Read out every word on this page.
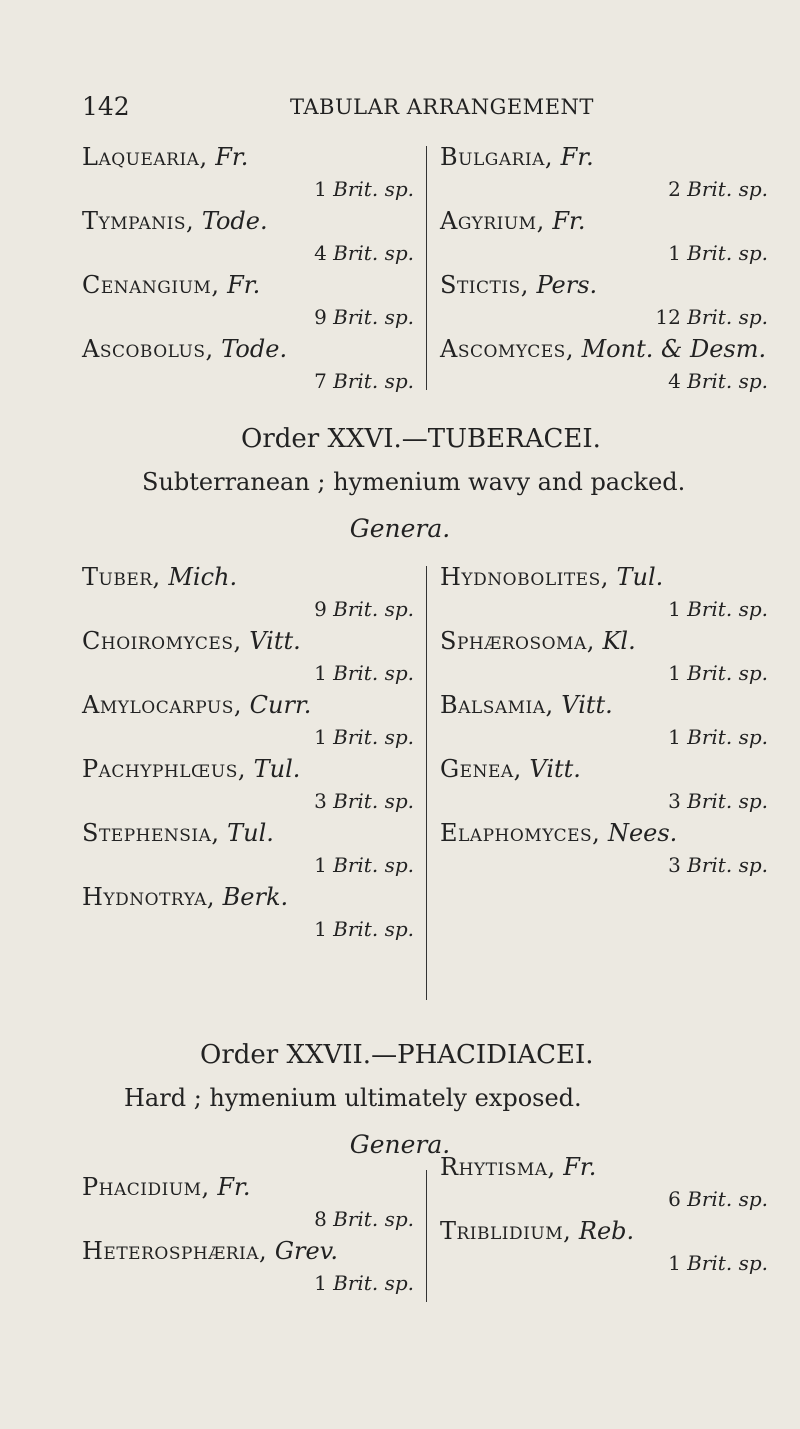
142	TABULAR ARRANGEMENT
Laquearia, Fr.
1 Brit. sp.
Tympanis, Tode.
4 Brit. sp.
Cenangium, Fr.
9 Brit. sp.
Ascobolus, Tode.
7 Brit. sp.
Bulgaria, Fr.
2 Brit. sp.
Agyrium, Fr.
1 Brit. sp.
Stictis, Pers.
12 Brit. sp.
Ascomyces, Mont. & Desm.
4 Brit. sp.
Order XXVI.—TUBERACEI.
Subterranean ; hymenium wavy and packed.
Genera.
Tuber, Mich.
9 Brit. sp.
Choiromyces, Vitt.
1 Brit. sp.
Amylocarpus, Curr.
1 Brit. sp.
Pachyphlœus, Tul.
3 Brit. sp.
Stephensia, Tul.
1 Brit. sp.
Hydnotrya, Berk.
1 Brit. sp.
Hydnobolites, Tul.
1 Brit. sp.
Sphærosoma, Kl.
1 Brit. sp.
Balsamia, Vitt.
1 Brit. sp.
Genea, Vitt.
3 Brit. sp.
Elaphomyces, Nees.
3 Brit. sp.
Order XXVII.—PHACIDIACEI.
Hard ; hymenium ultimately exposed.
Genera.
Phacidium, Fr.
8 Brit. sp.
Heterosphæria, Grev.
1 Brit. sp.
Rhytisma, Fr.
6 Brit. sp.
Triblidium, Reb.
1 Brit. sp.
